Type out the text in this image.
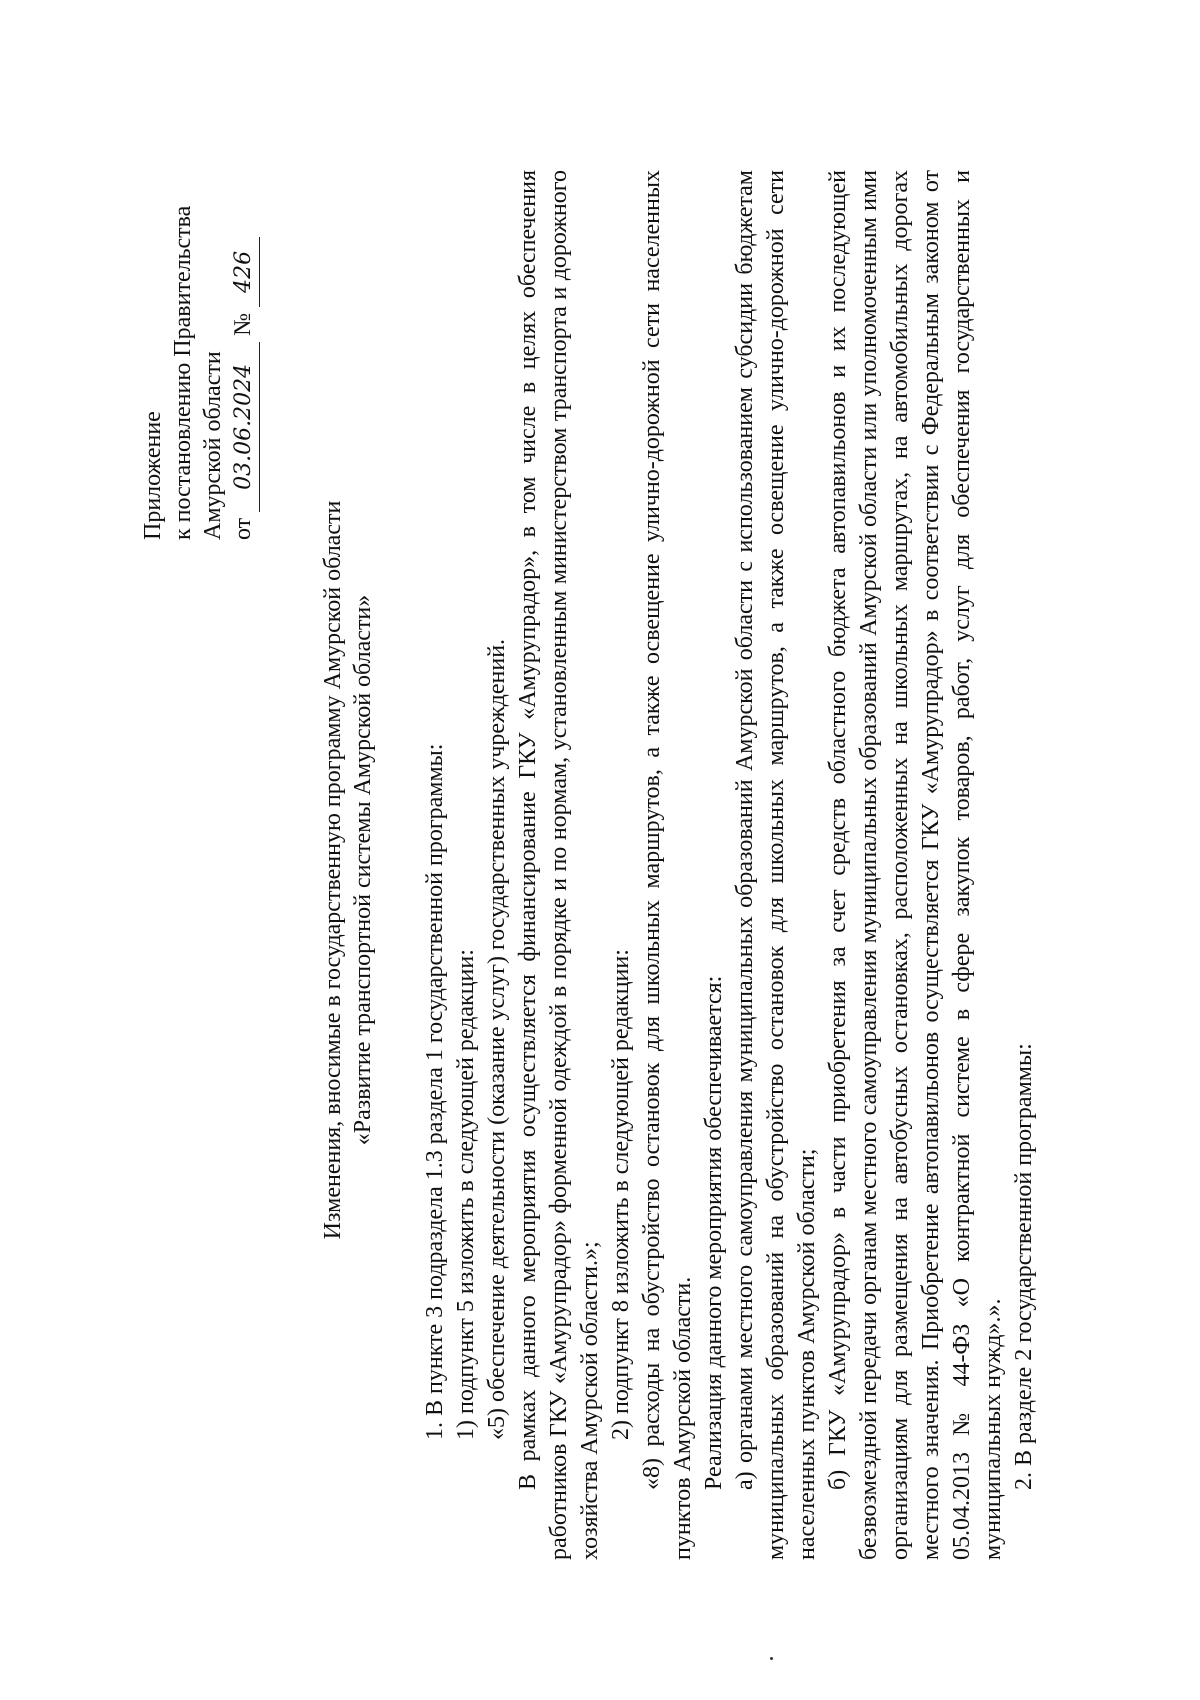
Приложение к постановлению Правительства Амурской области от 03.06.2024 № 426
Изменения, вносимые в государственную программу Амурской области «Развитие транспортной системы Амурской области» 1. В пункте 3 подраздела 1.3 раздела 1 государственной программы: 1) подпункт 5 изложить в следующей редакции: «5) обеспечение деятельности (оказание услуг) государственных учреждений. В рамках данного мероприятия осуществляется финансирование ГКУ «Амурупрадор», в том числе в целях обеспечения работников ГКУ «Амурупрадор» форменной одеждой в порядке и по нормам, установленным министерством транспорта и дорожного хозяйства Амурской области.»; 2) подпункт 8 изложить в следующей редакции: «8) расходы на обустройство остановок для школьных маршрутов, а также освещение улично-дорожной сети населенных пунктов Амурской области. Реализация данного мероприятия обеспечивается: а) органами местного самоуправления муниципальных образований Амурской области с использованием субсидии бюджетам муниципальных образований на обустройство остановок для школьных маршрутов, а также освещение улично-дорожной сети населенных пунктов Амурской области; б) ГКУ «Амурупрадор» в части приобретения за счет средств областного бюджета автопавильонов и их последующей безвозмездной передачи органам местного самоуправления муниципальных образований Амурской области или уполномоченным ими организациям для размещения на автобусных остановках, расположенных на школьных маршрутах, на автомобильных дорогах местного значения. Приобретение автопавильонов осуществляется ГКУ «Амурупрадор» в соответствии с Федеральным законом от 05.04.2013 № 44-ФЗ «О контрактной системе в сфере закупок товаров, работ, услуг для обеспечения государственных и муниципальных нужд».». 2. В разделе 2 государственной программы:
